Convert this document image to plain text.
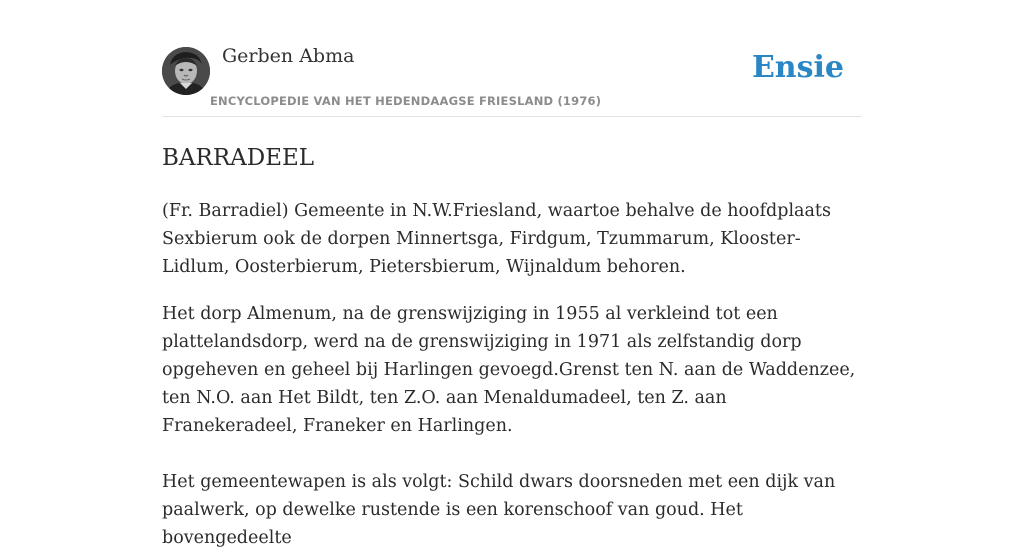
Gerben Abma
ENCYCLOPEDIE VAN HET HEDENDAAGSE FRIESLAND (1976)
Ensie
BARRADEEL

(Fr. Barradiel) Gemeente in N.W.Friesland, waartoe behalve de hoofdplaats Sexbierum ook de dorpen Minnertsga, Firdgum, Tzummarum, Klooster-Lidlum, Oosterbierum, Pietersbierum, Wijnaldum behoren.

Het dorp Almenum, na de grenswijziging in 1955 al verkleind tot een plattelandsdorp, werd na de grenswijziging in 1971 als zelfstandig dorp opgeheven en geheel bij Harlingen gevoegd.Grenst ten N. aan de Waddenzee, ten N.O. aan Het Bildt, ten Z.O. aan Menaldumadeel, ten Z. aan Franekeradeel, Franeker en Harlingen.

Het gemeentewapen is als volgt: Schild dwars doorsneden met een dijk van paalwerk, op dewelke rustende is een korenschoof van goud. Het bovengedeelte
